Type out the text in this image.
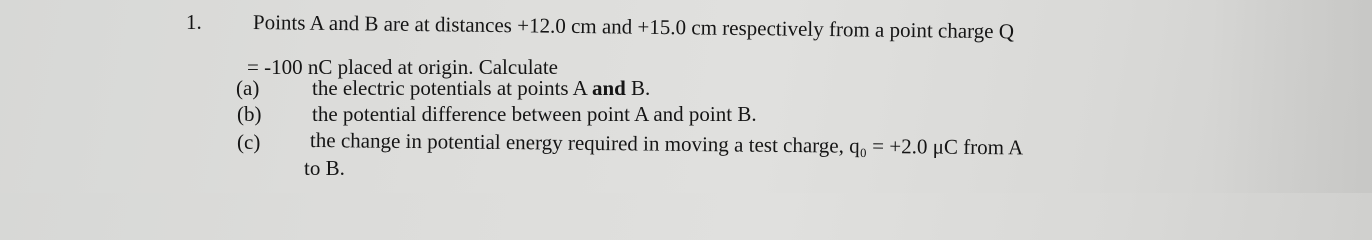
1. Points A and B are at distances +12.0 cm and +15.0 cm respectively from a point charge Q
= -100 nC placed at origin. Calculate
(a)	the electric potentials at points A and B.
(b) the potential difference between point A and point B.
(c) the change in potential energy required in moving a test charge, q₀ = +2.0 μC from A
to B.
